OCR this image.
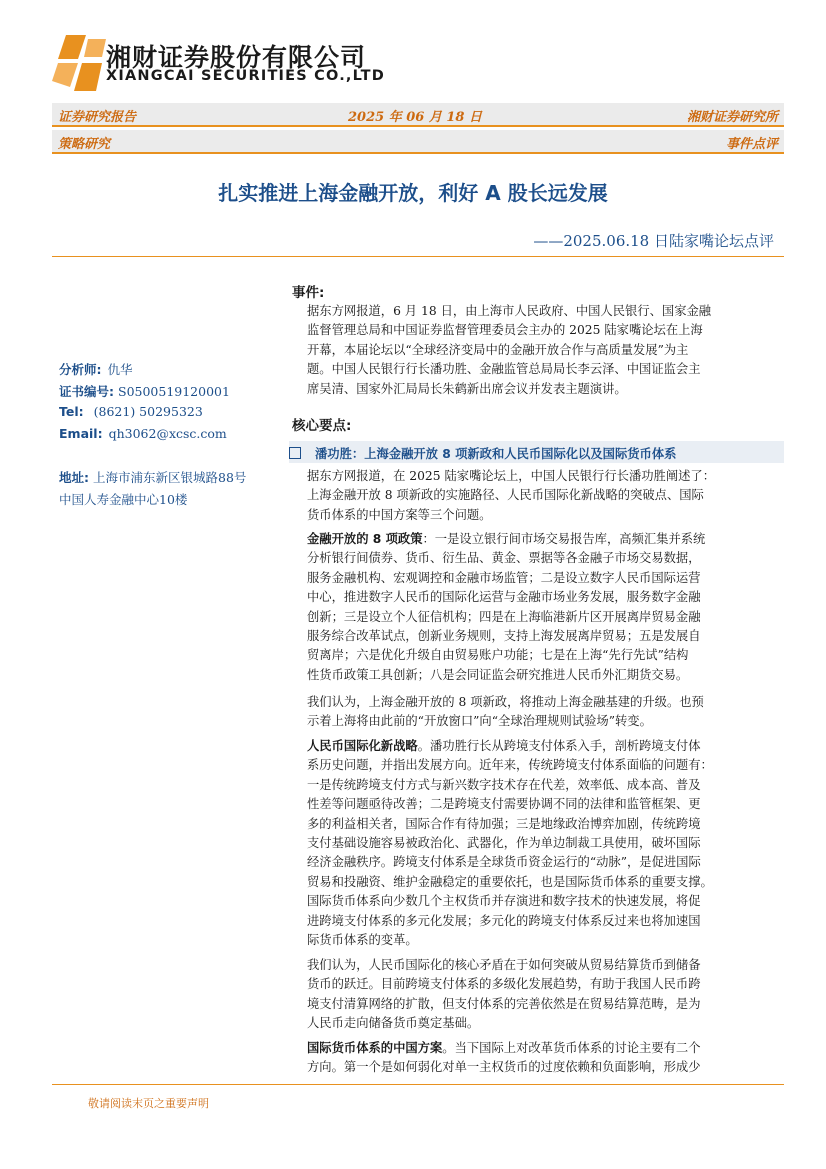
湘财证券股份有限公司
XIANGCAI SECURITIES CO.,LTD
证券研究报告	2025 年 06 月 18 日	湘财证券研究所
策略研究	事件点评
扎实推进上海金融开放，利好 A 股长远发展
——2025.06.18 日陆家嘴论坛点评
分析师: 仇华
证书编号: S0500519120001
Tel: (8621) 50295323
Email: qh3062@xcsc.com
地址: 上海市浦东新区银城路88号
中国人寿金融中心10楼
事件:
据东方网报道，6 月 18 日，由上海市人民政府、中国人民银行、国家金融
监督管理总局和中国证券监督管理委员会主办的 2025 陆家嘴论坛在上海
开幕，本届论坛以“全球经济变局中的金融开放合作与高质量发展”为主
题。中国人民银行行长潘功胜、金融监管总局局长李云泽、中国证监会主
席吴清、国家外汇局局长朱鹤新出席会议并发表主题演讲。
核心要点:
潘功胜：上海金融开放 8 项新政和人民币国际化以及国际货币体系
据东方网报道，在 2025 陆家嘴论坛上，中国人民银行行长潘功胜阐述了：
上海金融开放 8 项新政的实施路径、人民币国际化新战略的突破点、国际
货币体系的中国方案等三个问题。
金融开放的 8 项政策：一是设立银行间市场交易报告库，高频汇集并系统
分析银行间债券、货币、衍生品、黄金、票据等各金融子市场交易数据，
服务金融机构、宏观调控和金融市场监管；二是设立数字人民币国际运营
中心，推进数字人民币的国际化运营与金融市场业务发展，服务数字金融
创新；三是设立个人征信机构；四是在上海临港新片区开展离岸贸易金融
服务综合改革试点，创新业务规则，支持上海发展离岸贸易；五是发展自
贸离岸；六是优化升级自由贸易账户功能；七是在上海“先行先试”结构
性货币政策工具创新；八是会同证监会研究推进人民币外汇期货交易。
我们认为，上海金融开放的 8 项新政，将推动上海金融基建的升级。也预
示着上海将由此前的“开放窗口”向“全球治理规则试验场”转变。
人民币国际化新战略。潘功胜行长从跨境支付体系入手，剖析跨境支付体
系历史问题，并指出发展方向。近年来，传统跨境支付体系面临的问题有：
一是传统跨境支付方式与新兴数字技术存在代差，效率低、成本高、普及
性差等问题亟待改善；二是跨境支付需要协调不同的法律和监管框架、更
多的利益相关者，国际合作有待加强；三是地缘政治博弈加剧，传统跨境
支付基础设施容易被政治化、武器化，作为单边制裁工具使用，破坏国际
经济金融秩序。跨境支付体系是全球货币资金运行的“动脉”，是促进国际
贸易和投融资、维护金融稳定的重要依托，也是国际货币体系的重要支撑。
国际货币体系向少数几个主权货币并存演进和数字技术的快速发展，将促
进跨境支付体系的多元化发展；多元化的跨境支付体系反过来也将加速国
际货币体系的变革。
我们认为，人民币国际化的核心矛盾在于如何突破从贸易结算货币到储备
货币的跃迁。目前跨境支付体系的多级化发展趋势，有助于我国人民币跨
境支付清算网络的扩散，但支付体系的完善依然是在贸易结算范畴，是为
人民币走向储备货币奠定基础。
国际货币体系的中国方案。当下国际上对改革货币体系的讨论主要有二个
方向。第一个是如何弱化对单一主权货币的过度依赖和负面影响，形成少
敬请阅读末页之重要声明
